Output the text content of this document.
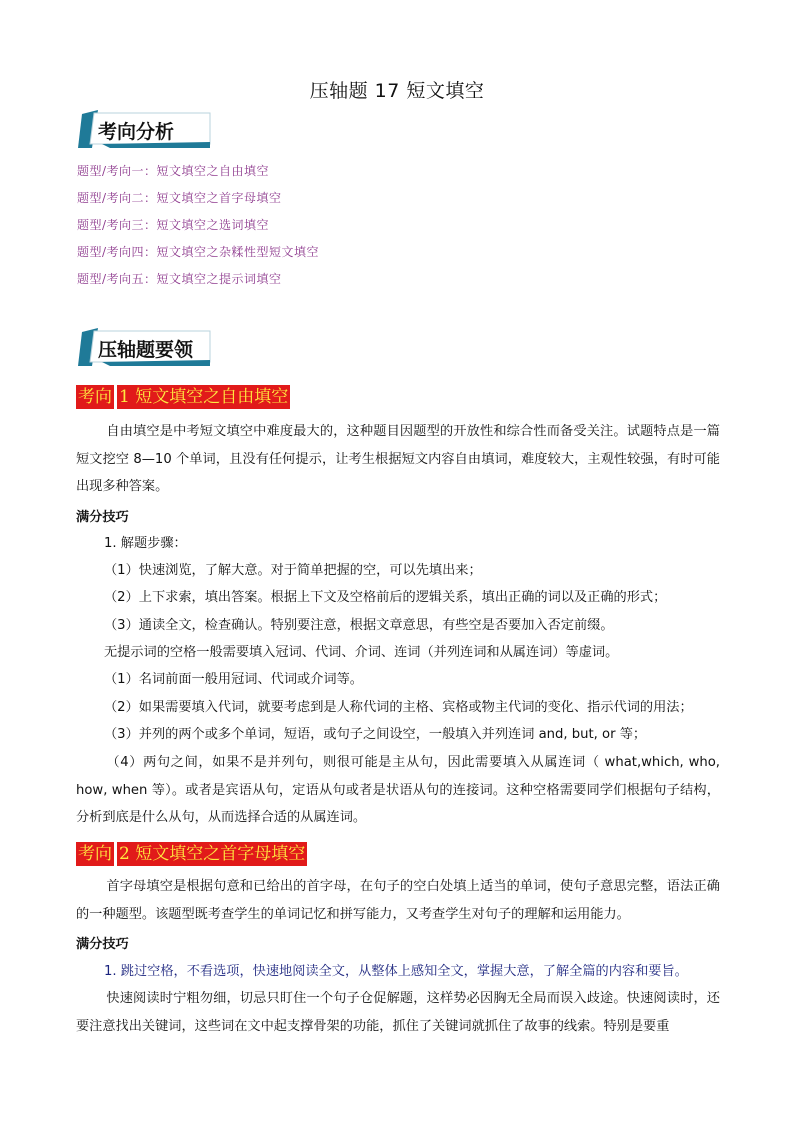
压轴题 17 短文填空
考向分析
题型/考向一：短文填空之自由填空
题型/考向二：短文填空之首字母填空
题型/考向三：短文填空之选词填空
题型/考向四：短文填空之杂糅性型短文填空
题型/考向五：短文填空之提示词填空
压轴题要领
考向 1 短文填空之自由填空
自由填空是中考短文填空中难度最大的，这种题目因题型的开放性和综合性而备受关注。试题特点是一篇短文挖空 8—10 个单词，且没有任何提示，让考生根据短文内容自由填词，难度较大，主观性较强，有时可能出现多种答案。
满分技巧
1. 解题步骤：
（1）快速浏览，了解大意。对于简单把握的空，可以先填出来；
（2）上下求索，填出答案。根据上下文及空格前后的逻辑关系，填出正确的词以及正确的形式；
（3）通读全文，检查确认。特别要注意，根据文章意思，有些空是否要加入否定前缀。
无提示词的空格一般需要填入冠词、代词、介词、连词（并列连词和从属连词）等虚词。
（1）名词前面一般用冠词、代词或介词等。
（2）如果需要填入代词，就要考虑到是人称代词的主格、宾格或物主代词的变化、指示代词的用法；
（3）并列的两个或多个单词，短语，或句子之间设空，一般填入并列连词 and, but, or 等；
（4）两句之间，如果不是并列句，则很可能是主从句，因此需要填入从属连词（ what,which, who, how, when 等）。或者是宾语从句，定语从句或者是状语从句的连接词。这种空格需要同学们根据句子结构，分析到底是什么从句，从而选择合适的从属连词。
考向 2 短文填空之首字母填空
首字母填空是根据句意和已给出的首字母，在句子的空白处填上适当的单词，使句子意思完整，语法正确的一种题型。该题型既考查学生的单词记忆和拼写能力，又考查学生对句子的理解和运用能力。
满分技巧
1. 跳过空格，不看选项，快速地阅读全文，从整体上感知全文，掌握大意，了解全篇的内容和要旨。
快速阅读时宁粗勿细，切忌只盯住一个句子仓促解题，这样势必因胸无全局而误入歧途。快速阅读时，还要注意找出关键词，这些词在文中起支撑骨架的功能，抓住了关键词就抓住了故事的线索。特别是要重
